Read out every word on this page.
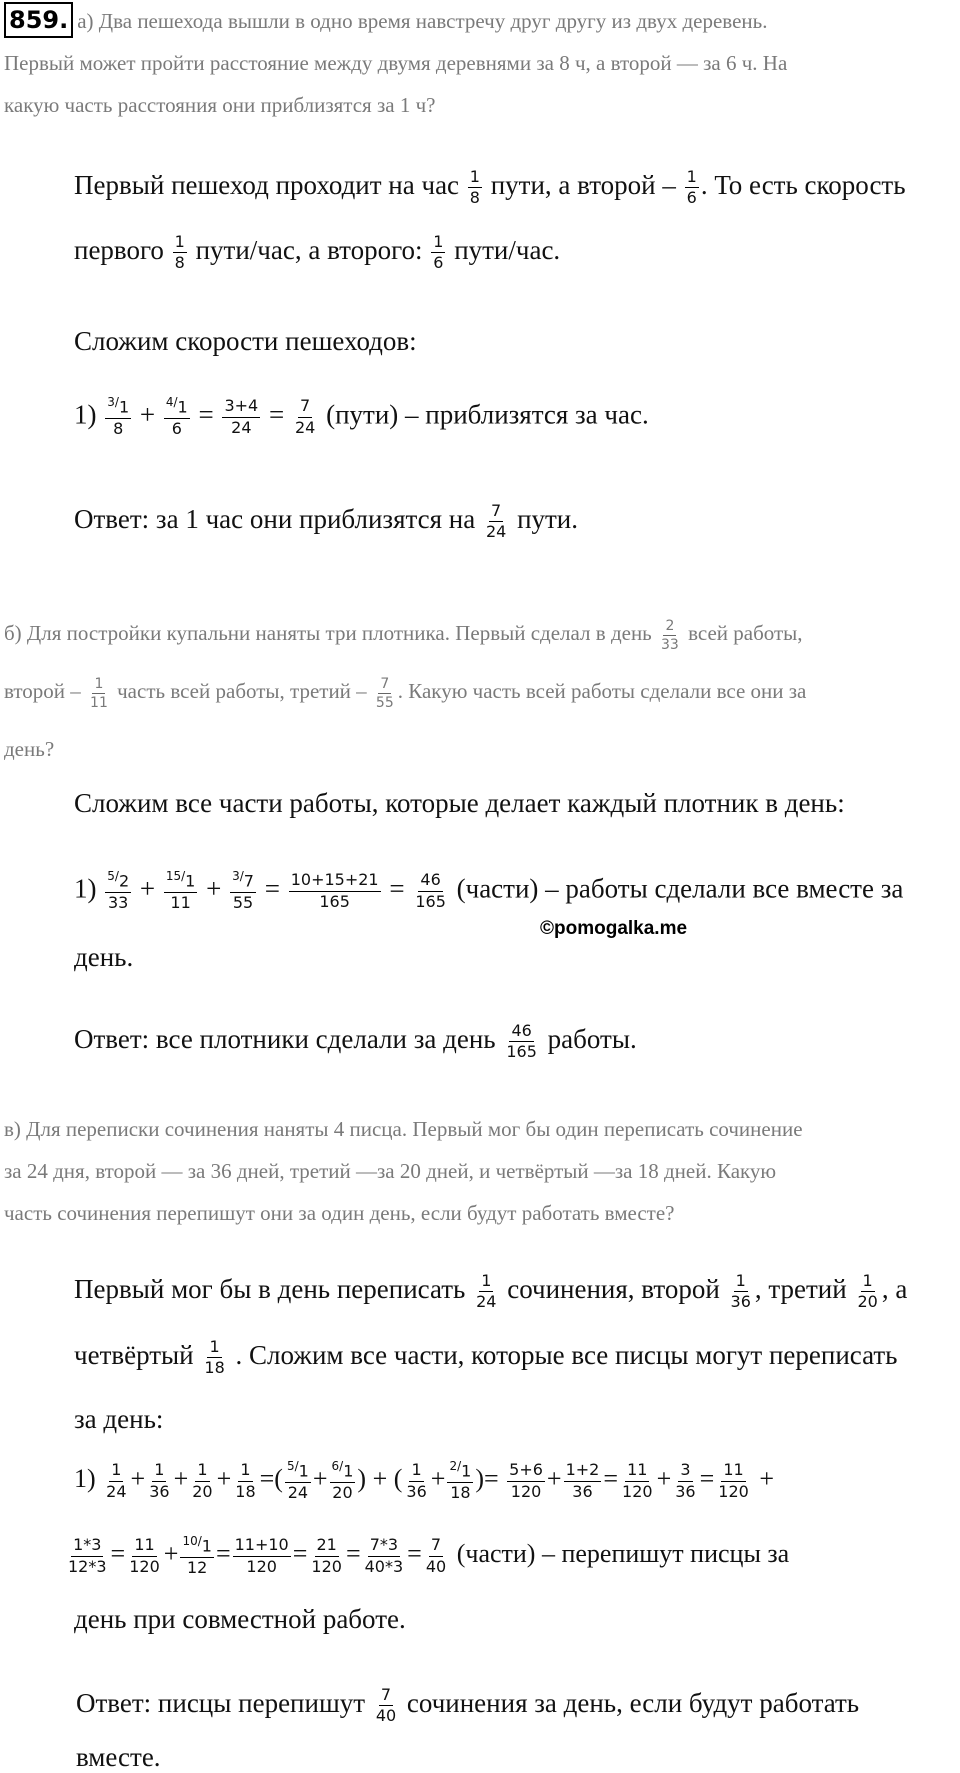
859. а) Два пешехода вышли в одно время навстречу друг другу из двух деревень.
Первый может пройти расстояние между двумя деревнями за 8 ч, а второй — за 6 ч. На
какую часть расстояния они приблизятся за 1 ч?

Первый пешеход проходит на час $\frac{1}{8}$ пути, а второй – $\frac{1}{6}$ . То есть скорость

первого $\frac{1}{8}$ пути/час, а второго: $\frac{1}{6}$ пути/час.

Сложим скорости пешеходов:

$1) \frac{^{3/}1}{8} + \frac{^{4/}1}{6} = \frac{3+4}{24} = \frac{7}{24}$ (пути) – приблизятся за час.

Ответ: за 1 час они приблизятся на $\frac{7}{24}$ пути.

б) Для постройки купальни наняты три плотника. Первый сделал в день $\frac{2}{33}$ всей работы,
второй – $\frac{1}{11}$ часть всей работы, третий – $\frac{7}{55}$ . Какую часть всей работы сделали все они за
день?

Сложим все части работы, которые делает каждый плотник в день:

$1) \frac{^{5/}2}{33} + \frac{^{15/}1}{11} + \frac{^{3/}7}{55} = \frac{10+15+21}{165} = \frac{46}{165}$ (части) – работы сделали все вместе за

©pomogalka.me

день.

Ответ: все плотники сделали за день $\frac{46}{165}$ работы.

в) Для переписки сочинения наняты 4 писца. Первый мог бы один переписать сочинение
за 24 дня, второй — за 36 дней, третий —за 20 дней, и четвёртый —за 18 дней. Какую
часть сочинения перепишут они за один день, если будут работать вместе?

Первый мог бы в день переписать $\frac{1}{24}$ сочинения, второй $\frac{1}{36}$ , третий $\frac{1}{20}$ , а

четвёртый $\frac{1}{18}$ . Сложим все части, которые все писцы могут переписать

за день:

$1) \frac{1}{24} + \frac{1}{36} + \frac{1}{20} + \frac{1}{18}$ =( $\frac{^{5/}1}{24} + \frac{^{6/}1}{20}$ ) + ( $\frac{1}{36} + \frac{^{2/}1}{18}$ )= $\frac{5+6}{120} + \frac{1+2}{36} = \frac{11}{120} + \frac{3}{36} = \frac{11}{120}$ +

$\frac{1*3}{12*3} = \frac{11}{120} + \frac{^{10/}1}{12} = \frac{11+10}{120} = \frac{21}{120} = \frac{7*3}{40*3} = \frac{7}{40}$ (части) – перепишут писцы за

день при совместной работе.

Ответ: писцы перепишут $\frac{7}{40}$ сочинения за день, если будут работать

вместе.
